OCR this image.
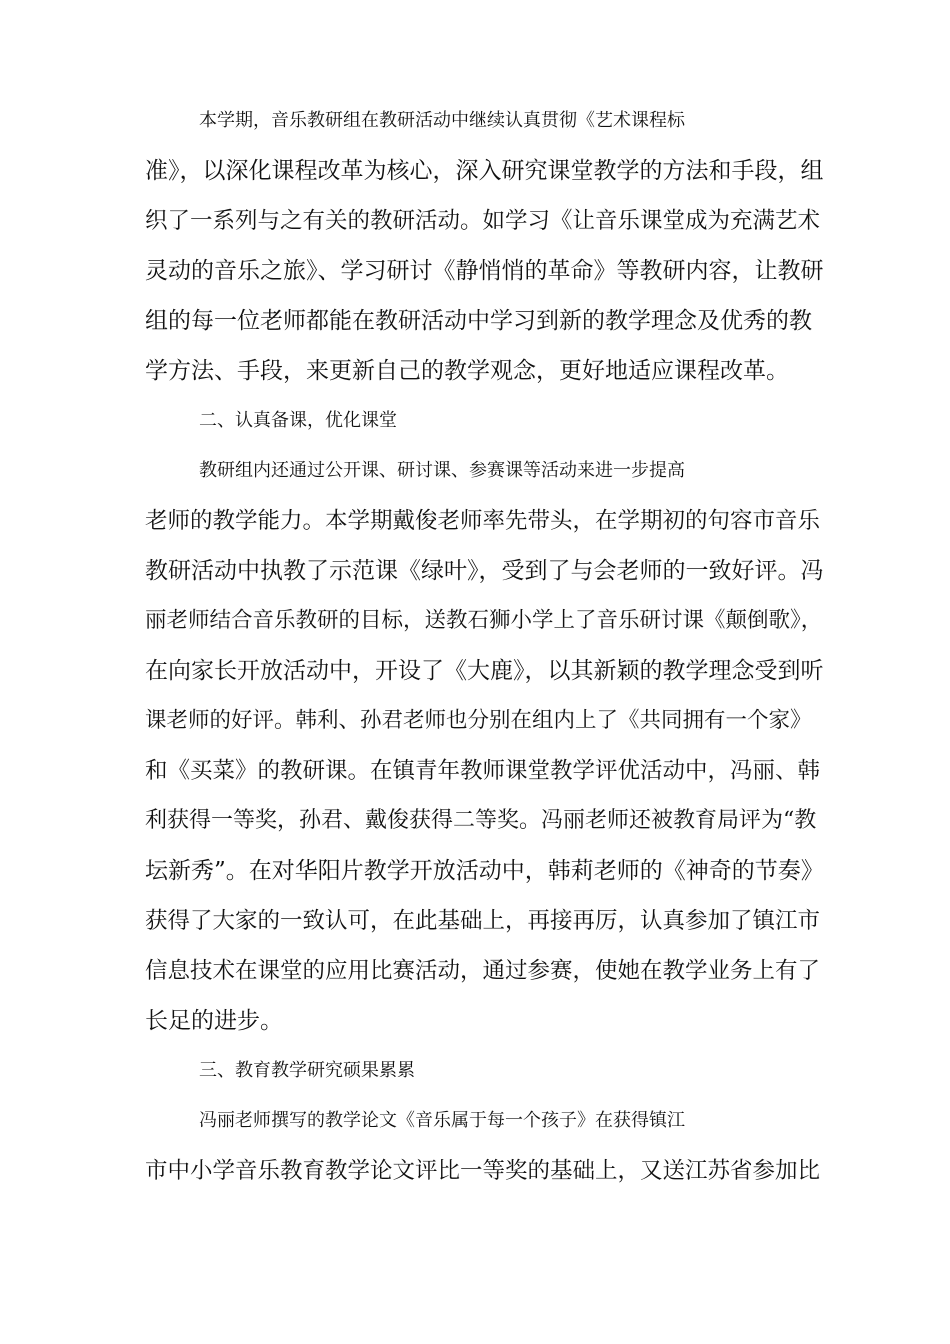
本学期，音乐教研组在教研活动中继续认真贯彻《艺术课程标

准》，以深化课程改革为核心，深入研究课堂教学的方法和手段，组

织了一系列与之有关的教研活动。如学习《让音乐课堂成为充满艺术

灵动的音乐之旅》、学习研讨《静悄悄的革命》等教研内容，让教研

组的每一位老师都能在教研活动中学习到新的教学理念及优秀的教

学方法、手段，来更新自己的教学观念，更好地适应课程改革。

二、认真备课，优化课堂

教研组内还通过公开课、研讨课、参赛课等活动来进一步提高

老师的教学能力。本学期戴俊老师率先带头，在学期初的句容市音乐

教研活动中执教了示范课《绿叶》，受到了与会老师的一致好评。冯

丽老师结合音乐教研的目标，送教石狮小学上了音乐研讨课《颠倒歌》，

在向家长开放活动中，开设了《大鹿》，以其新颖的教学理念受到听

课老师的好评。韩利、孙君老师也分别在组内上了《共同拥有一个家》

和《买菜》的教研课。在镇青年教师课堂教学评优活动中，冯丽、韩

利获得一等奖，孙君、戴俊获得二等奖。冯丽老师还被教育局评为“教

坛新秀”。在对华阳片教学开放活动中，韩莉老师的《神奇的节奏》

获得了大家的一致认可，在此基础上，再接再厉，认真参加了镇江市

信息技术在课堂的应用比赛活动，通过参赛，使她在教学业务上有了

长足的进步。

三、教育教学研究硕果累累

冯丽老师撰写的教学论文《音乐属于每一个孩子》在获得镇江

市中小学音乐教育教学论文评比一等奖的基础上，又送江苏省参加比
